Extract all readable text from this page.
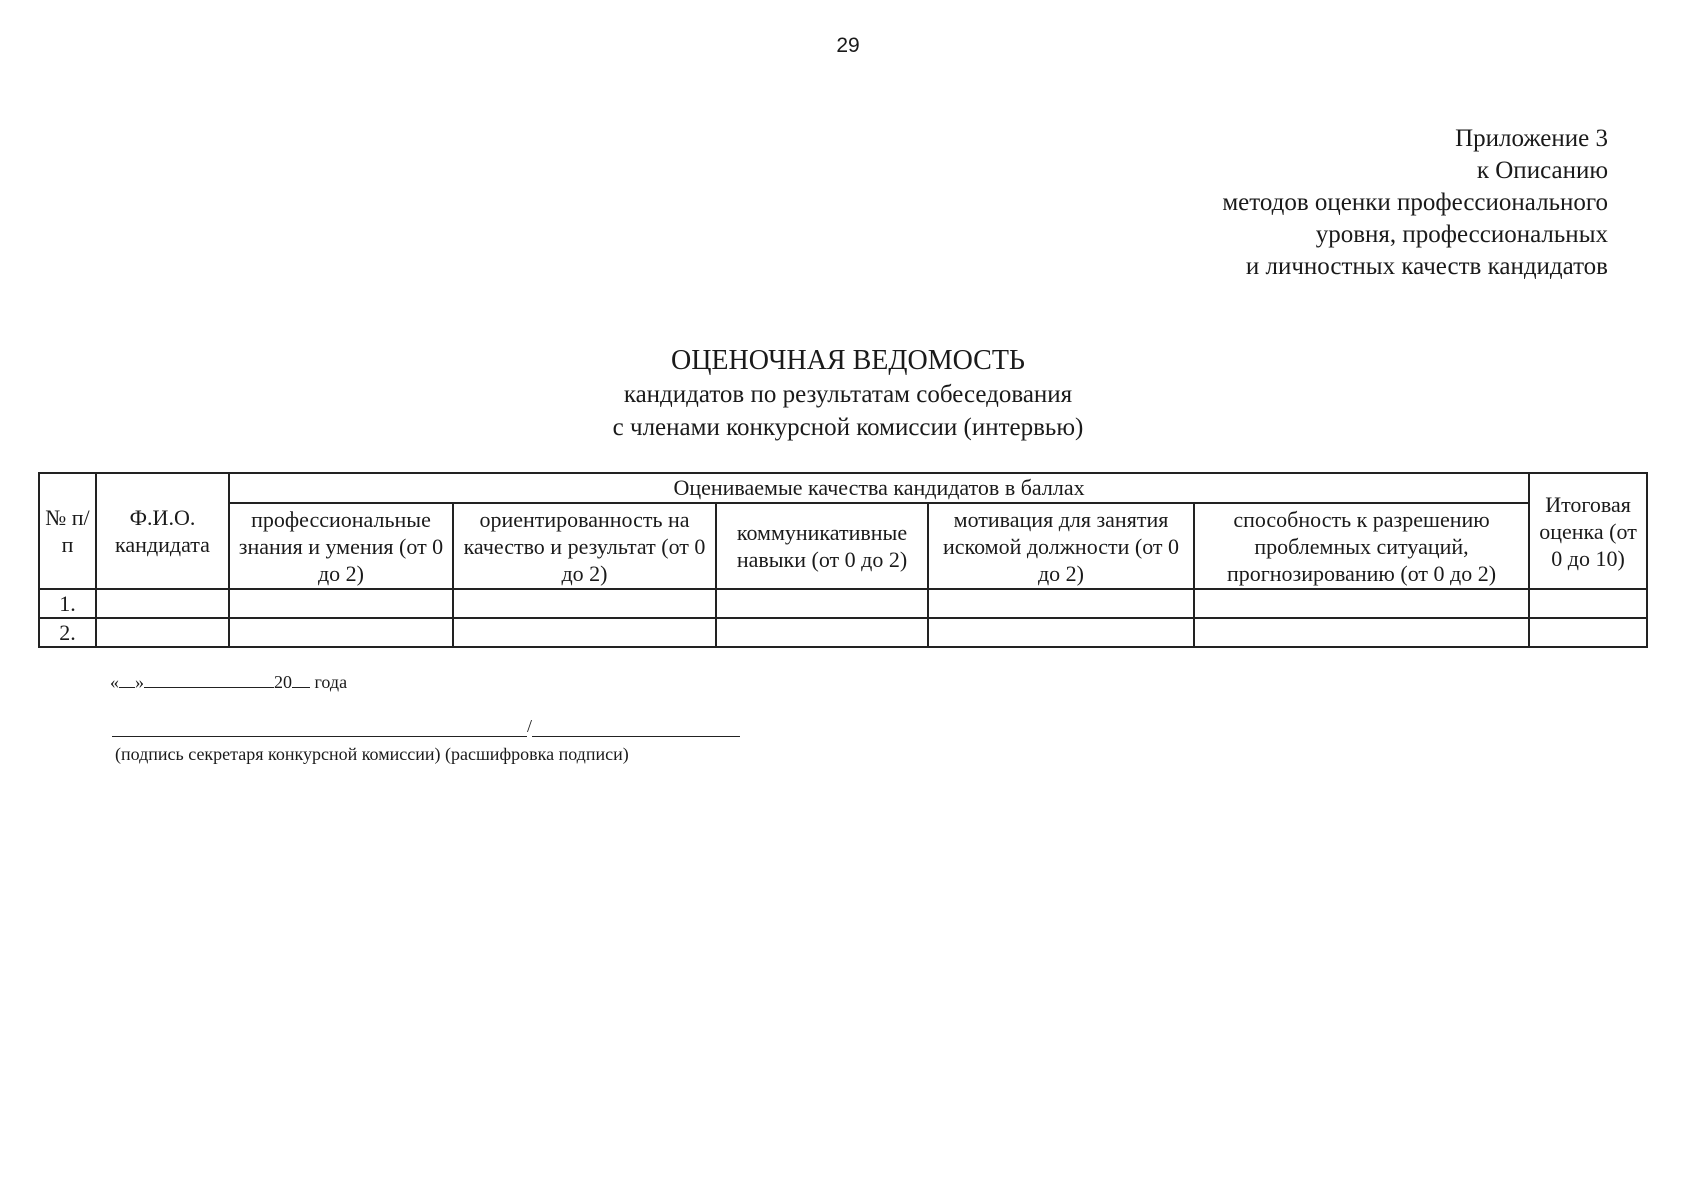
29
Приложение 3
к Описанию
методов оценки профессионального
уровня, профессиональных
и личностных качеств кандидатов
ОЦЕНОЧНАЯ ВЕДОМОСТЬ
кандидатов по результатам собеседования
с членами конкурсной комиссии (интервью)
№ п/п	Ф.И.О. кандидата	Оцениваемые качества кандидатов в баллах					Итоговая оценка (от 0 до 10)
		профессиональные знания и умения (от 0 до 2)	ориентированность на качество и результат (от 0 до 2)	коммуникативные навыки (от 0 до 2)	мотивация для занятия искомой должности (от 0 до 2)	способность к разрешению проблемных ситуаций, прогнозированию (от 0 до 2)	
1.							
2.							
« »	20 года
/
(подпись секретаря конкурсной комиссии) (расшифровка подписи)
